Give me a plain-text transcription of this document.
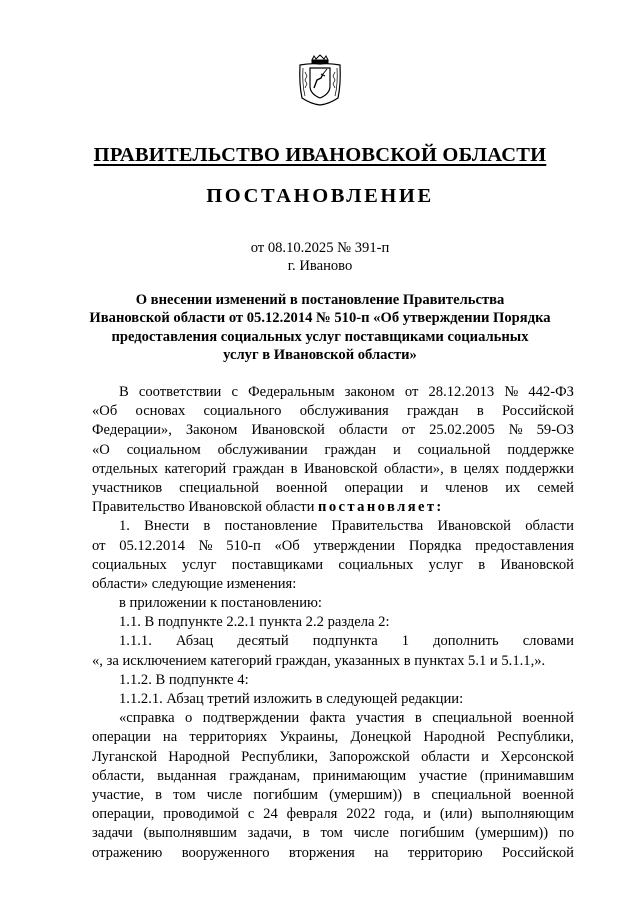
ПРАВИТЕЛЬСТВО ИВАНОВСКОЙ ОБЛАСТИ
ПОСТАНОВЛЕНИЕ
от 08.10.2025 № 391-п
г. Иваново
О внесении изменений в постановление Правительства
Ивановской области от 05.12.2014 № 510-п «Об утверждении Порядка
предоставления социальных услуг поставщиками социальных
услуг в Ивановской области»
В соответствии с Федеральным законом от 28.12.2013 № 442-ФЗ
«Об основах социального обслуживания граждан в Российской
Федерации», Законом Ивановской области от 25.02.2005 № 59-ОЗ
«О социальном обслуживании граждан и социальной поддержке
отдельных категорий граждан в Ивановской области», в целях поддержки
участников специальной военной операции и членов их семей
Правительство Ивановской области постановляет:
1. Внести в постановление Правительства Ивановской области
от 05.12.2014 № 510-п «Об утверждении Порядка предоставления
социальных услуг поставщиками социальных услуг в Ивановской
области» следующие изменения:
в приложении к постановлению:
1.1. В подпункте 2.2.1 пункта 2.2 раздела 2:
1.1.1. Абзац десятый подпункта 1 дополнить словами
«, за исключением категорий граждан, указанных в пунктах 5.1 и 5.1.1,».
1.1.2. В подпункте 4:
1.1.2.1. Абзац третий изложить в следующей редакции:
«справка о подтверждении факта участия в специальной военной
операции на территориях Украины, Донецкой Народной Республики,
Луганской Народной Республики, Запорожской области и Херсонской
области, выданная гражданам, принимающим участие (принимавшим
участие, в том числе погибшим (умершим)) в специальной военной
операции, проводимой с 24 февраля 2022 года, и (или) выполняющим
задачи (выполнявшим задачи, в том числе погибшим (умершим)) по
отражению вооруженного вторжения на территорию Российской
